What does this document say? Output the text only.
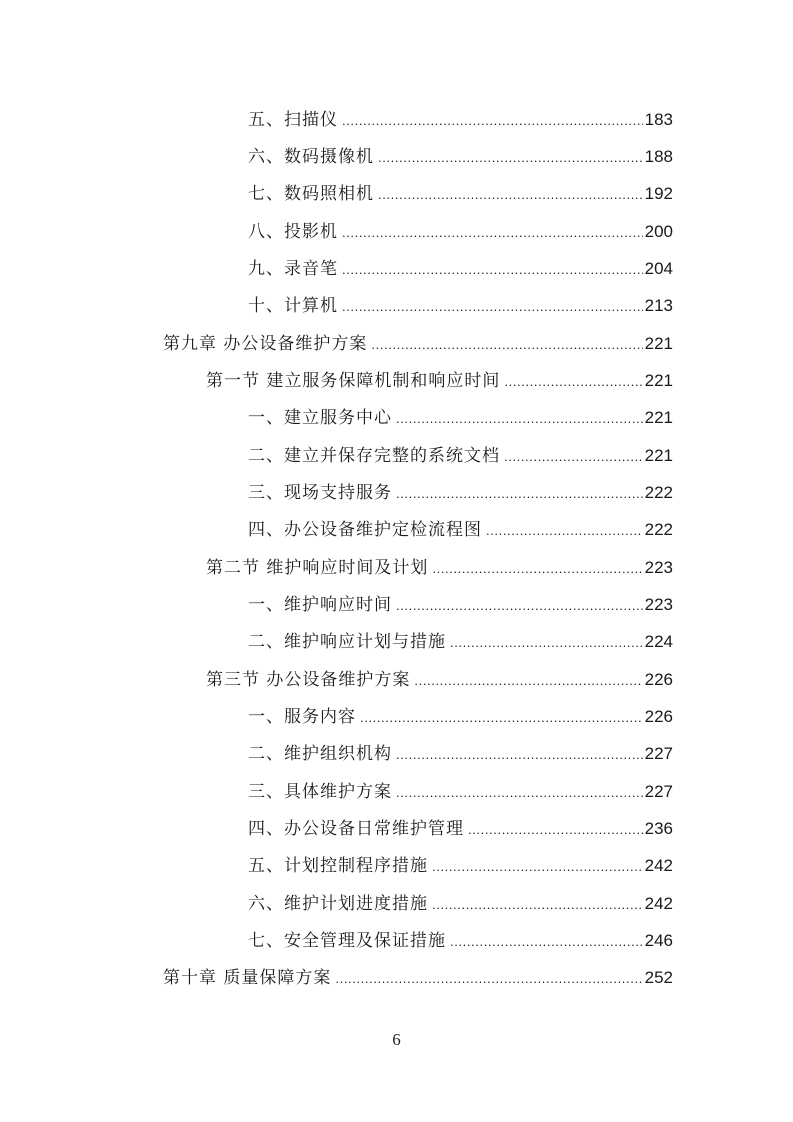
五、扫描仪 .....	183
六、数码摄像机 .....	188
七、数码照相机 .....	192
八、投影机 .....	200
九、录音笔 .....	204
十、计算机 .....	213
第九章 办公设备维护方案 .....	221
第一节 建立服务保障机制和响应时间 .....	221
一、建立服务中心 .....	221
二、建立并保存完整的系统文档 .....	221
三、现场支持服务 .....	222
四、办公设备维护定检流程图 .....	222
第二节 维护响应时间及计划 .....	223
一、维护响应时间 .....	223
二、维护响应计划与措施 .....	224
第三节 办公设备维护方案 .....	226
一、服务内容 .....	226
二、维护组织机构 .....	227
三、具体维护方案 .....	227
四、办公设备日常维护管理 .....	236
五、计划控制程序措施 .....	242
六、维护计划进度措施 .....	242
七、安全管理及保证措施 .....	246
第十章 质量保障方案 .....	252
6
